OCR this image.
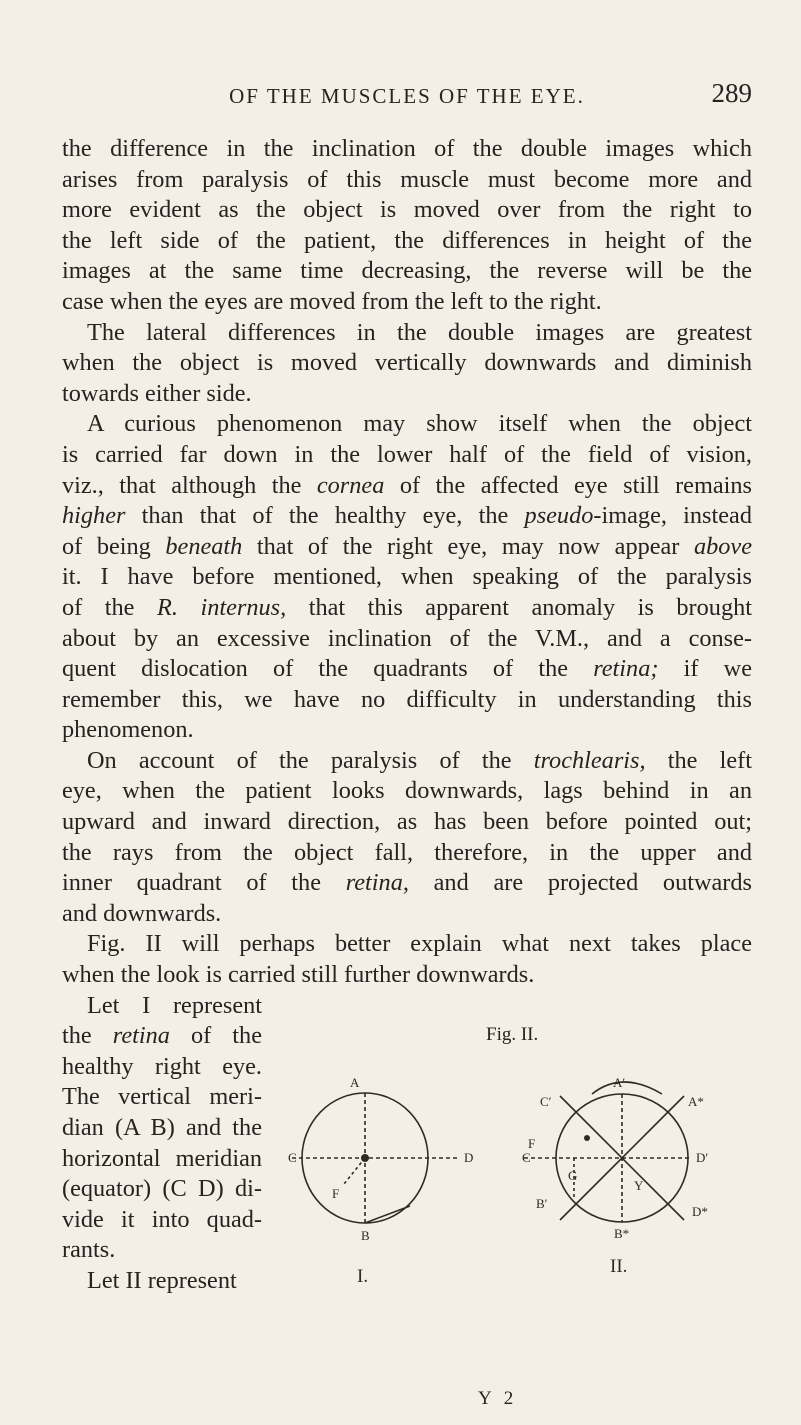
OF THE MUSCLES OF THE EYE.	289
the difference in the inclination of the double images which
arises from paralysis of this muscle must become more and
more evident as the object is moved over from the right to
the left side of the patient, the differences in height of the
images at the same time decreasing, the reverse will be the
case when the eyes are moved from the left to the right.
The lateral differences in the double images are greatest
when the object is moved vertically downwards and diminish
towards either side.
A curious phenomenon may show itself when the object
is carried far down in the lower half of the field of vision,
viz., that although the cornea of the affected eye still remains
higher than that of the healthy eye, the pseudo-image, instead
of being beneath that of the right eye, may now appear above
it. I have before mentioned, when speaking of the paralysis
of the R. internus, that this apparent anomaly is brought
about by an excessive inclination of the V.M., and a conse-
quent dislocation of the quadrants of the retina; if we
remember this, we have no difficulty in understanding this
phenomenon.
On account of the paralysis of the trochlearis, the left
eye, when the patient looks downwards, lags behind in an
upward and inward direction, as has been before pointed out;
the rays from the object fall, therefore, in the upper and
inner quadrant of the retina, and are projected outwards
and downwards.
Fig. II will perhaps better explain what next takes place
when the look is carried still further downwards.
Let I represent
the retina of the
healthy right eye.
The vertical meri-
dian (A B) and the
horizontal meridian
(equator) (C D) di-
vide it into quad-
rants.
Let II represent
Fig. II.
A
B
C	D
F
A′
A*
C′
C
F
D′
G
Y
B′
D*
B*
I.	II.
Y 2
